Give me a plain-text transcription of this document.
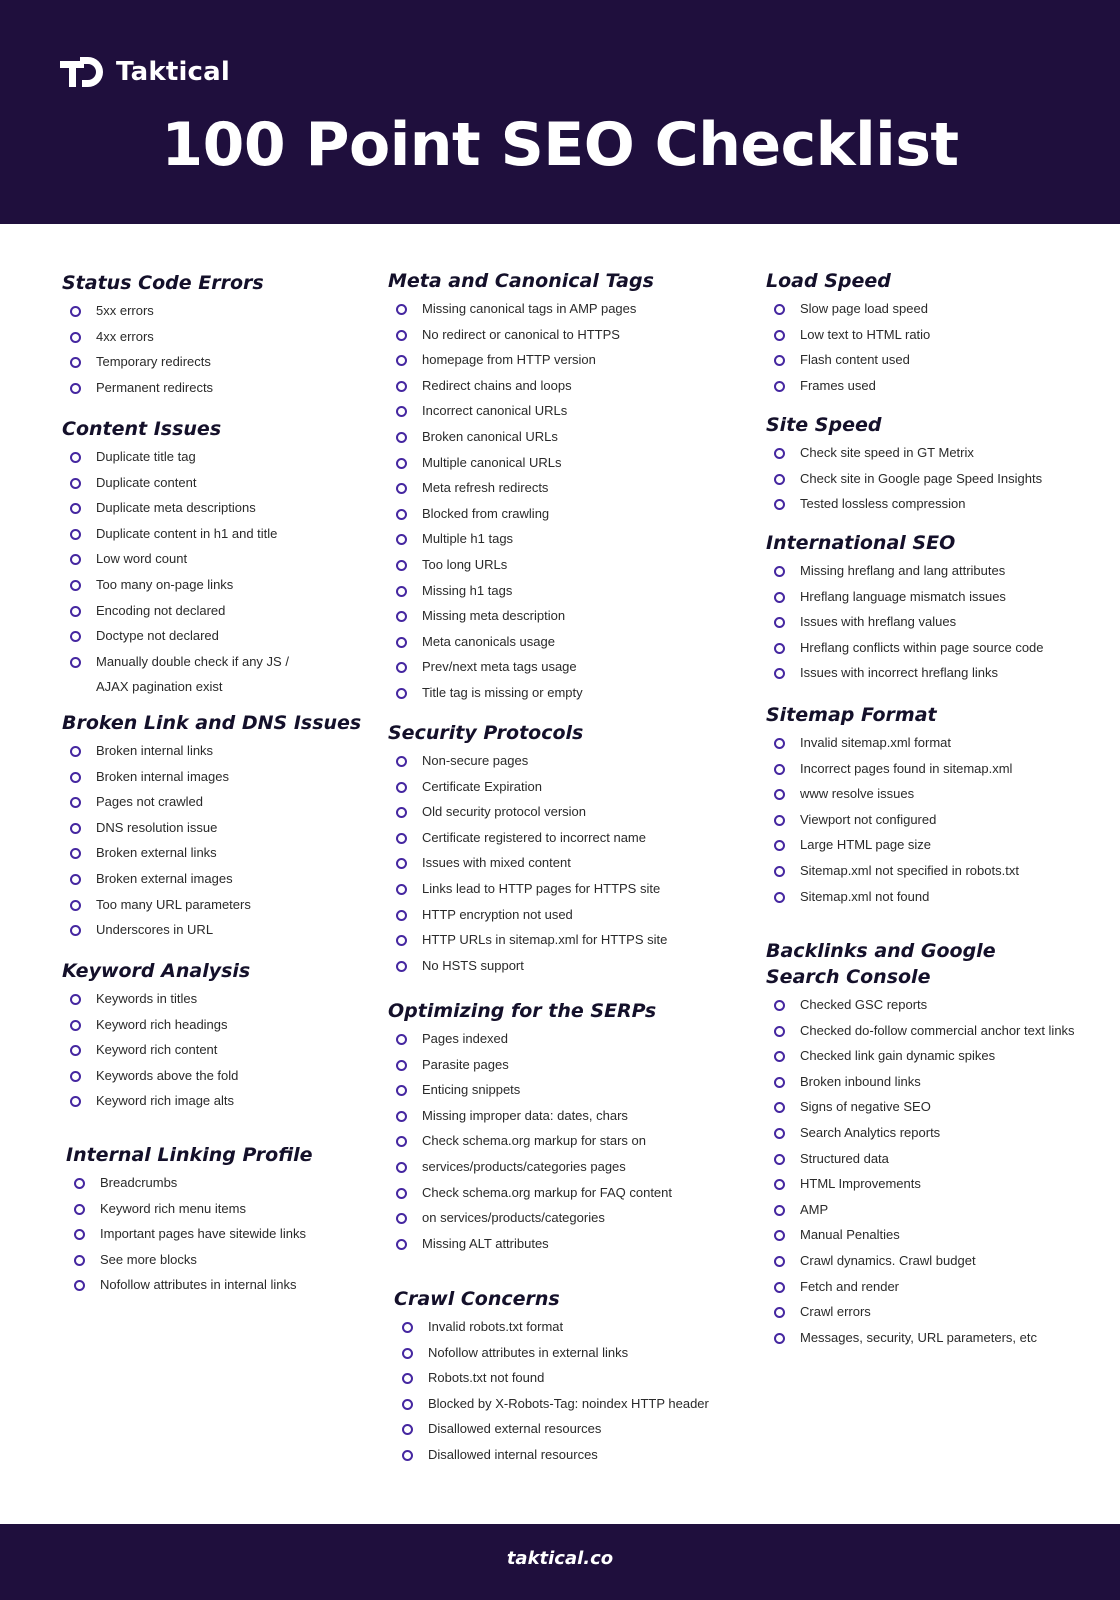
Taktical
100 Point SEO Checklist
Status Code Errors
5xx errors
4xx errors
Temporary redirects
Permanent redirects
Content Issues
Duplicate title tag
Duplicate content
Duplicate meta descriptions
Duplicate content in h1 and title
Low word count
Too many on-page links
Encoding not declared
Doctype not declared
Manually double check if any JS /
AJAX pagination exist
Broken Link and DNS Issues
Broken internal links
Broken internal images
Pages not crawled
DNS resolution issue
Broken external links
Broken external images
Too many URL parameters
Underscores in URL
Keyword Analysis
Keywords in titles
Keyword rich headings
Keyword rich content
Keywords above the fold
Keyword rich image alts
Internal Linking Profile
Breadcrumbs
Keyword rich menu items
Important pages have sitewide links
See more blocks
Nofollow attributes in internal links
Meta and Canonical Tags
Missing canonical tags in AMP pages
No redirect or canonical to HTTPS
homepage from HTTP version
Redirect chains and loops
Incorrect canonical URLs
Broken canonical URLs
Multiple canonical URLs
Meta refresh redirects
Blocked from crawling
Multiple h1 tags
Too long URLs
Missing h1 tags
Missing meta description
Meta canonicals usage
Prev/next meta tags usage
Title tag is missing or empty
Security Protocols
Non-secure pages
Certificate Expiration
Old security protocol version
Certificate registered to incorrect name
Issues with mixed content
Links lead to HTTP pages for HTTPS site
HTTP encryption not used
HTTP URLs in sitemap.xml for HTTPS site
No HSTS support
Optimizing for the SERPs
Pages indexed
Parasite pages
Enticing snippets
Missing improper data: dates, chars
Check schema.org markup for stars on
services/products/categories pages
Check schema.org markup for FAQ content
on services/products/categories
Missing ALT attributes
Crawl Concerns
Invalid robots.txt format
Nofollow attributes in external links
Robots.txt not found
Blocked by X-Robots-Tag: noindex HTTP header
Disallowed external resources
Disallowed internal resources
Load Speed
Slow page load speed
Low text to HTML ratio
Flash content used
Frames used
Site Speed
Check site speed in GT Metrix
Check site in Google page Speed Insights
Tested lossless compression
International SEO
Missing hreflang and lang attributes
Hreflang language mismatch issues
Issues with hreflang values
Hreflang conflicts within page source code
Issues with incorrect hreflang links
Sitemap Format
Invalid sitemap.xml format
Incorrect pages found in sitemap.xml
www resolve issues
Viewport not configured
Large HTML page size
Sitemap.xml not specified in robots.txt
Sitemap.xml not found
Backlinks and Google Search Console
Checked GSC reports
Checked do-follow commercial anchor text links
Checked link gain dynamic spikes
Broken inbound links
Signs of negative SEO
Search Analytics reports
Structured data
HTML Improvements
AMP
Manual Penalties
Crawl dynamics. Crawl budget
Fetch and render
Crawl errors
Messages, security, URL parameters, etc
taktical.co
